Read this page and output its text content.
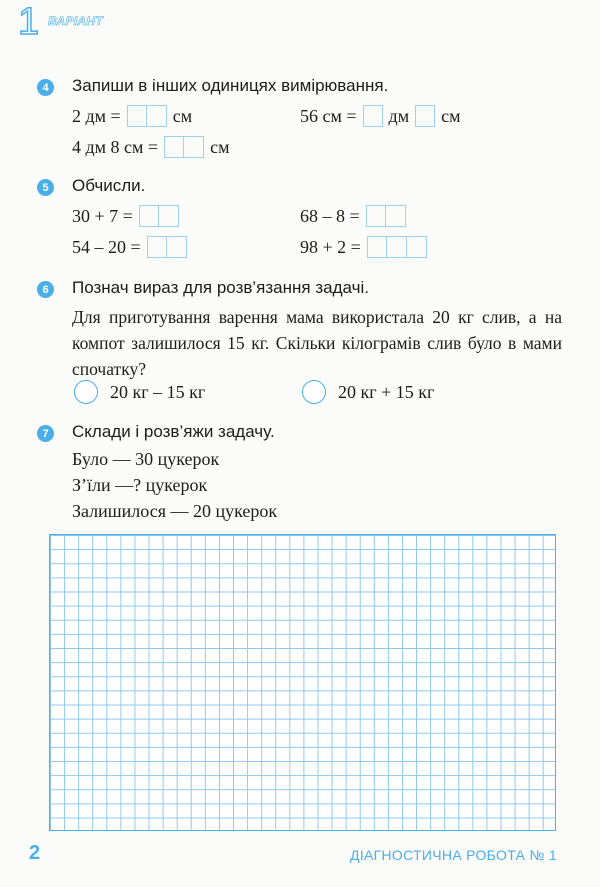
1 ВАРІАНТ
4	Запиши в інших одиницях вимірювання.
2 дм =	см	56 см = дм см
4 дм 8 см =	см
5	Обчисли.
30 + 7 =	68 – 8 =
54 – 20 =	98 + 2 =
6	Познач вираз для розв’язання задачі.
Для приготування варення мама використала 20 кг слив, а на компот залишилося 15 кг. Скільки кілограмів слив було в мами спочатку?
20 кг – 15 кг	20 кг + 15 кг
7	Склади і розв’яжи задачу.
Було — 30 цукерок
З’їли —? цукерок
Залишилося — 20 цукерок
2	ДІАГНОСТИЧНА РОБОТА № 1
